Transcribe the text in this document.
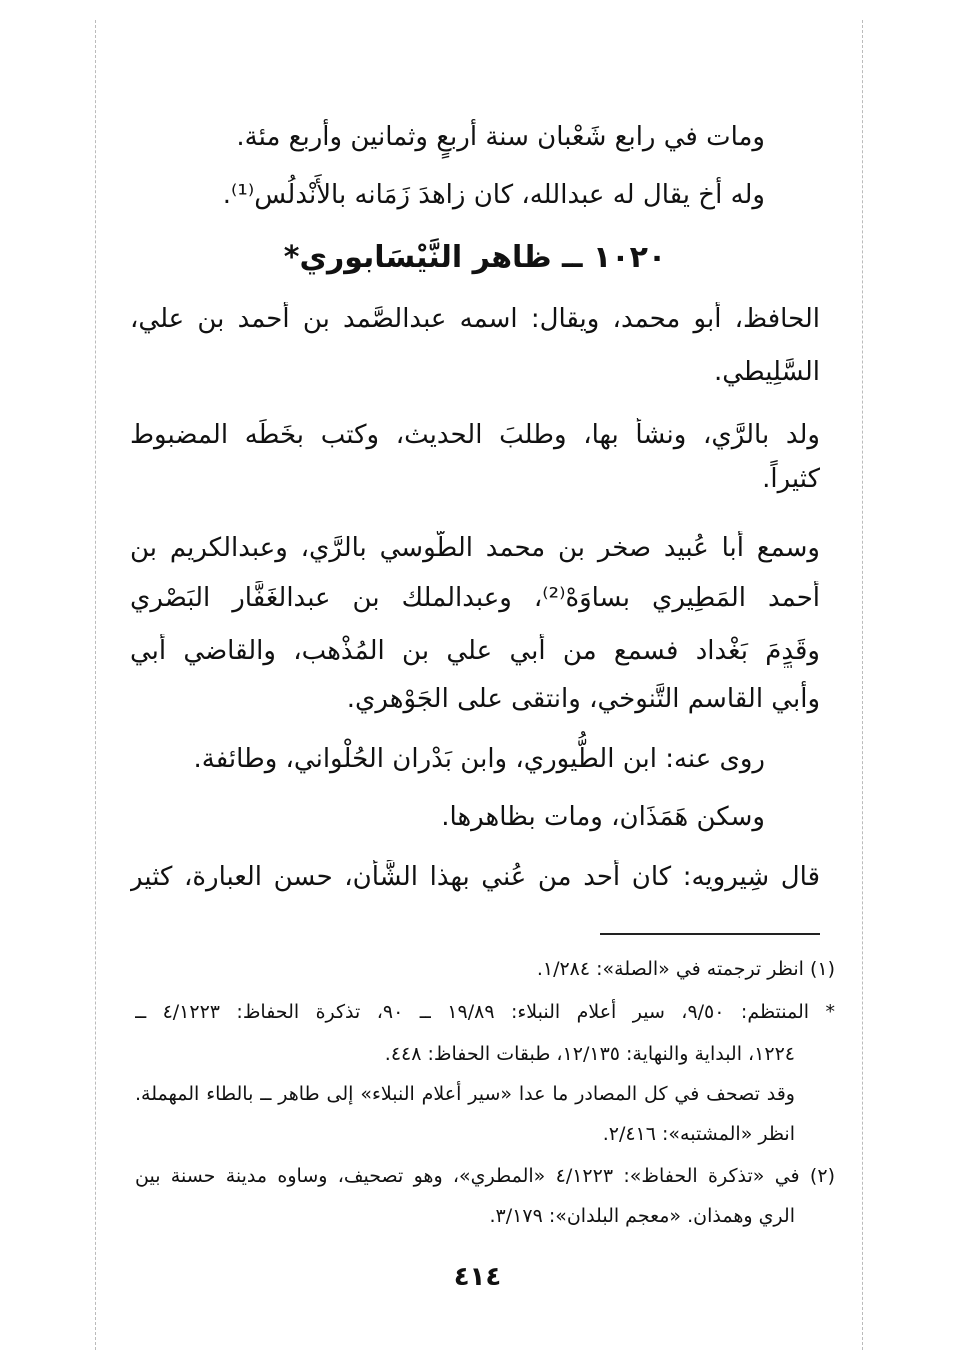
ومات في رابع شَعْبان سنة أربعٍ وثمانين وأربع مئة.
وله أخ يقال له عبدالله، كان زاهدَ زَمَانه بالأَنْدلُس⁽¹⁾.
١٠٢٠ ــ ظاهر النَّيْسَابوري*
الحافظ، أبو محمد، ويقال: اسمه عبدالصَّمد بن أحمد بن علي،
السَّلِيطي.
ولد بالرَّي، ونشأَ بها، وطلبَ الحديث، وكتب بخَطِّه المضبوط
كثيراً.
وسمع أبا عُبيد صخر بن محمد الطُّوسي بالرَّي، وعبدالكريم بن
أحمد المَطِيري بساوَهْ⁽²⁾، وعبدالملك بن عبدالغَفَّار البَصْري
وقَدِمَ بَغْداد فسمع من أبي علي بن المُذْهب، والقاضي أبي
وأبي القاسم التَّنوخي، وانتقى على الجَوْهري.
روى عنه: ابن الطُّيوري، وابن بَدْران الحُلْواني، وطائفة.
وسكن هَمَذَان، ومات بظاهرها.
قال شِيرويه: كان أحد من عُني بهذا الشَّأن، حسن العبارة، كثير
(١) انظر ترجمته في «الصلة»: ١/٢٨٤.
* المنتظم: ٩/٥٠، سير أعلام النبلاء: ١٩/٨٩ ــ ٩٠، تذكرة الحفاظ: ٤/١٢٢٣ ــ
١٢٢٤، البداية والنهاية: ١٢/١٣٥، طبقات الحفاظ: ٤٤٨.
وقد تصحف في كل المصادر ما عدا «سير أعلام النبلاء» إلى طاهر ــ بالطاء المهملة.
انظر «المشتبه»: ٢/٤١٦.
(٢) في «تذكرة الحفاظ»: ٤/١٢٢٣ «المطري»، وهو تصحيف، وساوه مدينة حسنة بين
الري وهمذان. «معجم البلدان»: ٣/١٧٩.
٤١٤
